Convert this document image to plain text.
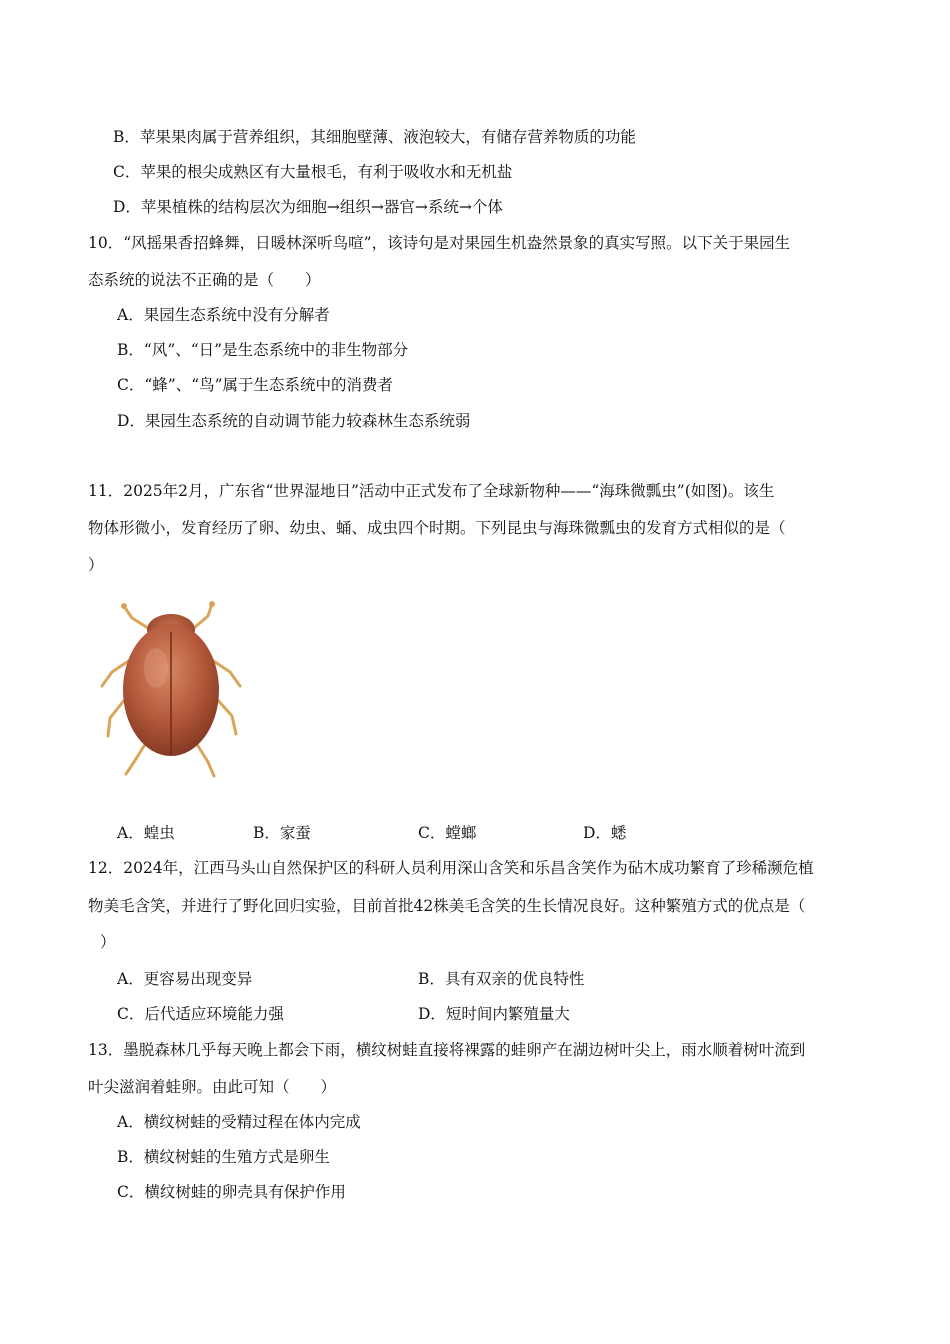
B．苹果果肉属于营养组织，其细胞壁薄、液泡较大，有储存营养物质的功能
C．苹果的根尖成熟区有大量根毛，有利于吸收水和无机盐
D．苹果植株的结构层次为细胞→组织→器官→系统→个体
10．“风摇果香招蜂舞，日暖林深听鸟喧”，该诗句是对果园生机盎然景象的真实写照。以下关于果园生
态系统的说法不正确的是（　　）
A．果园生态系统中没有分解者
B．“风”、“日”是生态系统中的非生物部分
C．“蜂”、“鸟”属于生态系统中的消费者
D．果园生态系统的自动调节能力较森林生态系统弱
11．2025年2月，广东省“世界湿地日”活动中正式发布了全球新物种——“海珠微瓢虫”(如图)。该生
物体形微小，发育经历了卵、幼虫、蛹、成虫四个时期。下列昆虫与海珠微瓢虫的发育方式相似的是（
）
A．蝗虫	B．家蚕	C．螳螂	D．蟋
12．2024年，江西马头山自然保护区的科研人员利用深山含笑和乐昌含笑作为砧木成功繁育了珍稀濒危植
物美毛含笑，并进行了野化回归实验，目前首批42株美毛含笑的生长情况良好。这种繁殖方式的优点是（
）
A．更容易出现变异	B．具有双亲的优良特性
C．后代适应环境能力强	D．短时间内繁殖量大
13．墨脱森林几乎每天晚上都会下雨，横纹树蛙直接将裸露的蛙卵产在湖边树叶尖上，雨水顺着树叶流到
叶尖滋润着蛙卵。由此可知（　　）
A．横纹树蛙的受精过程在体内完成
B．横纹树蛙的生殖方式是卵生
C．横纹树蛙的卵壳具有保护作用
